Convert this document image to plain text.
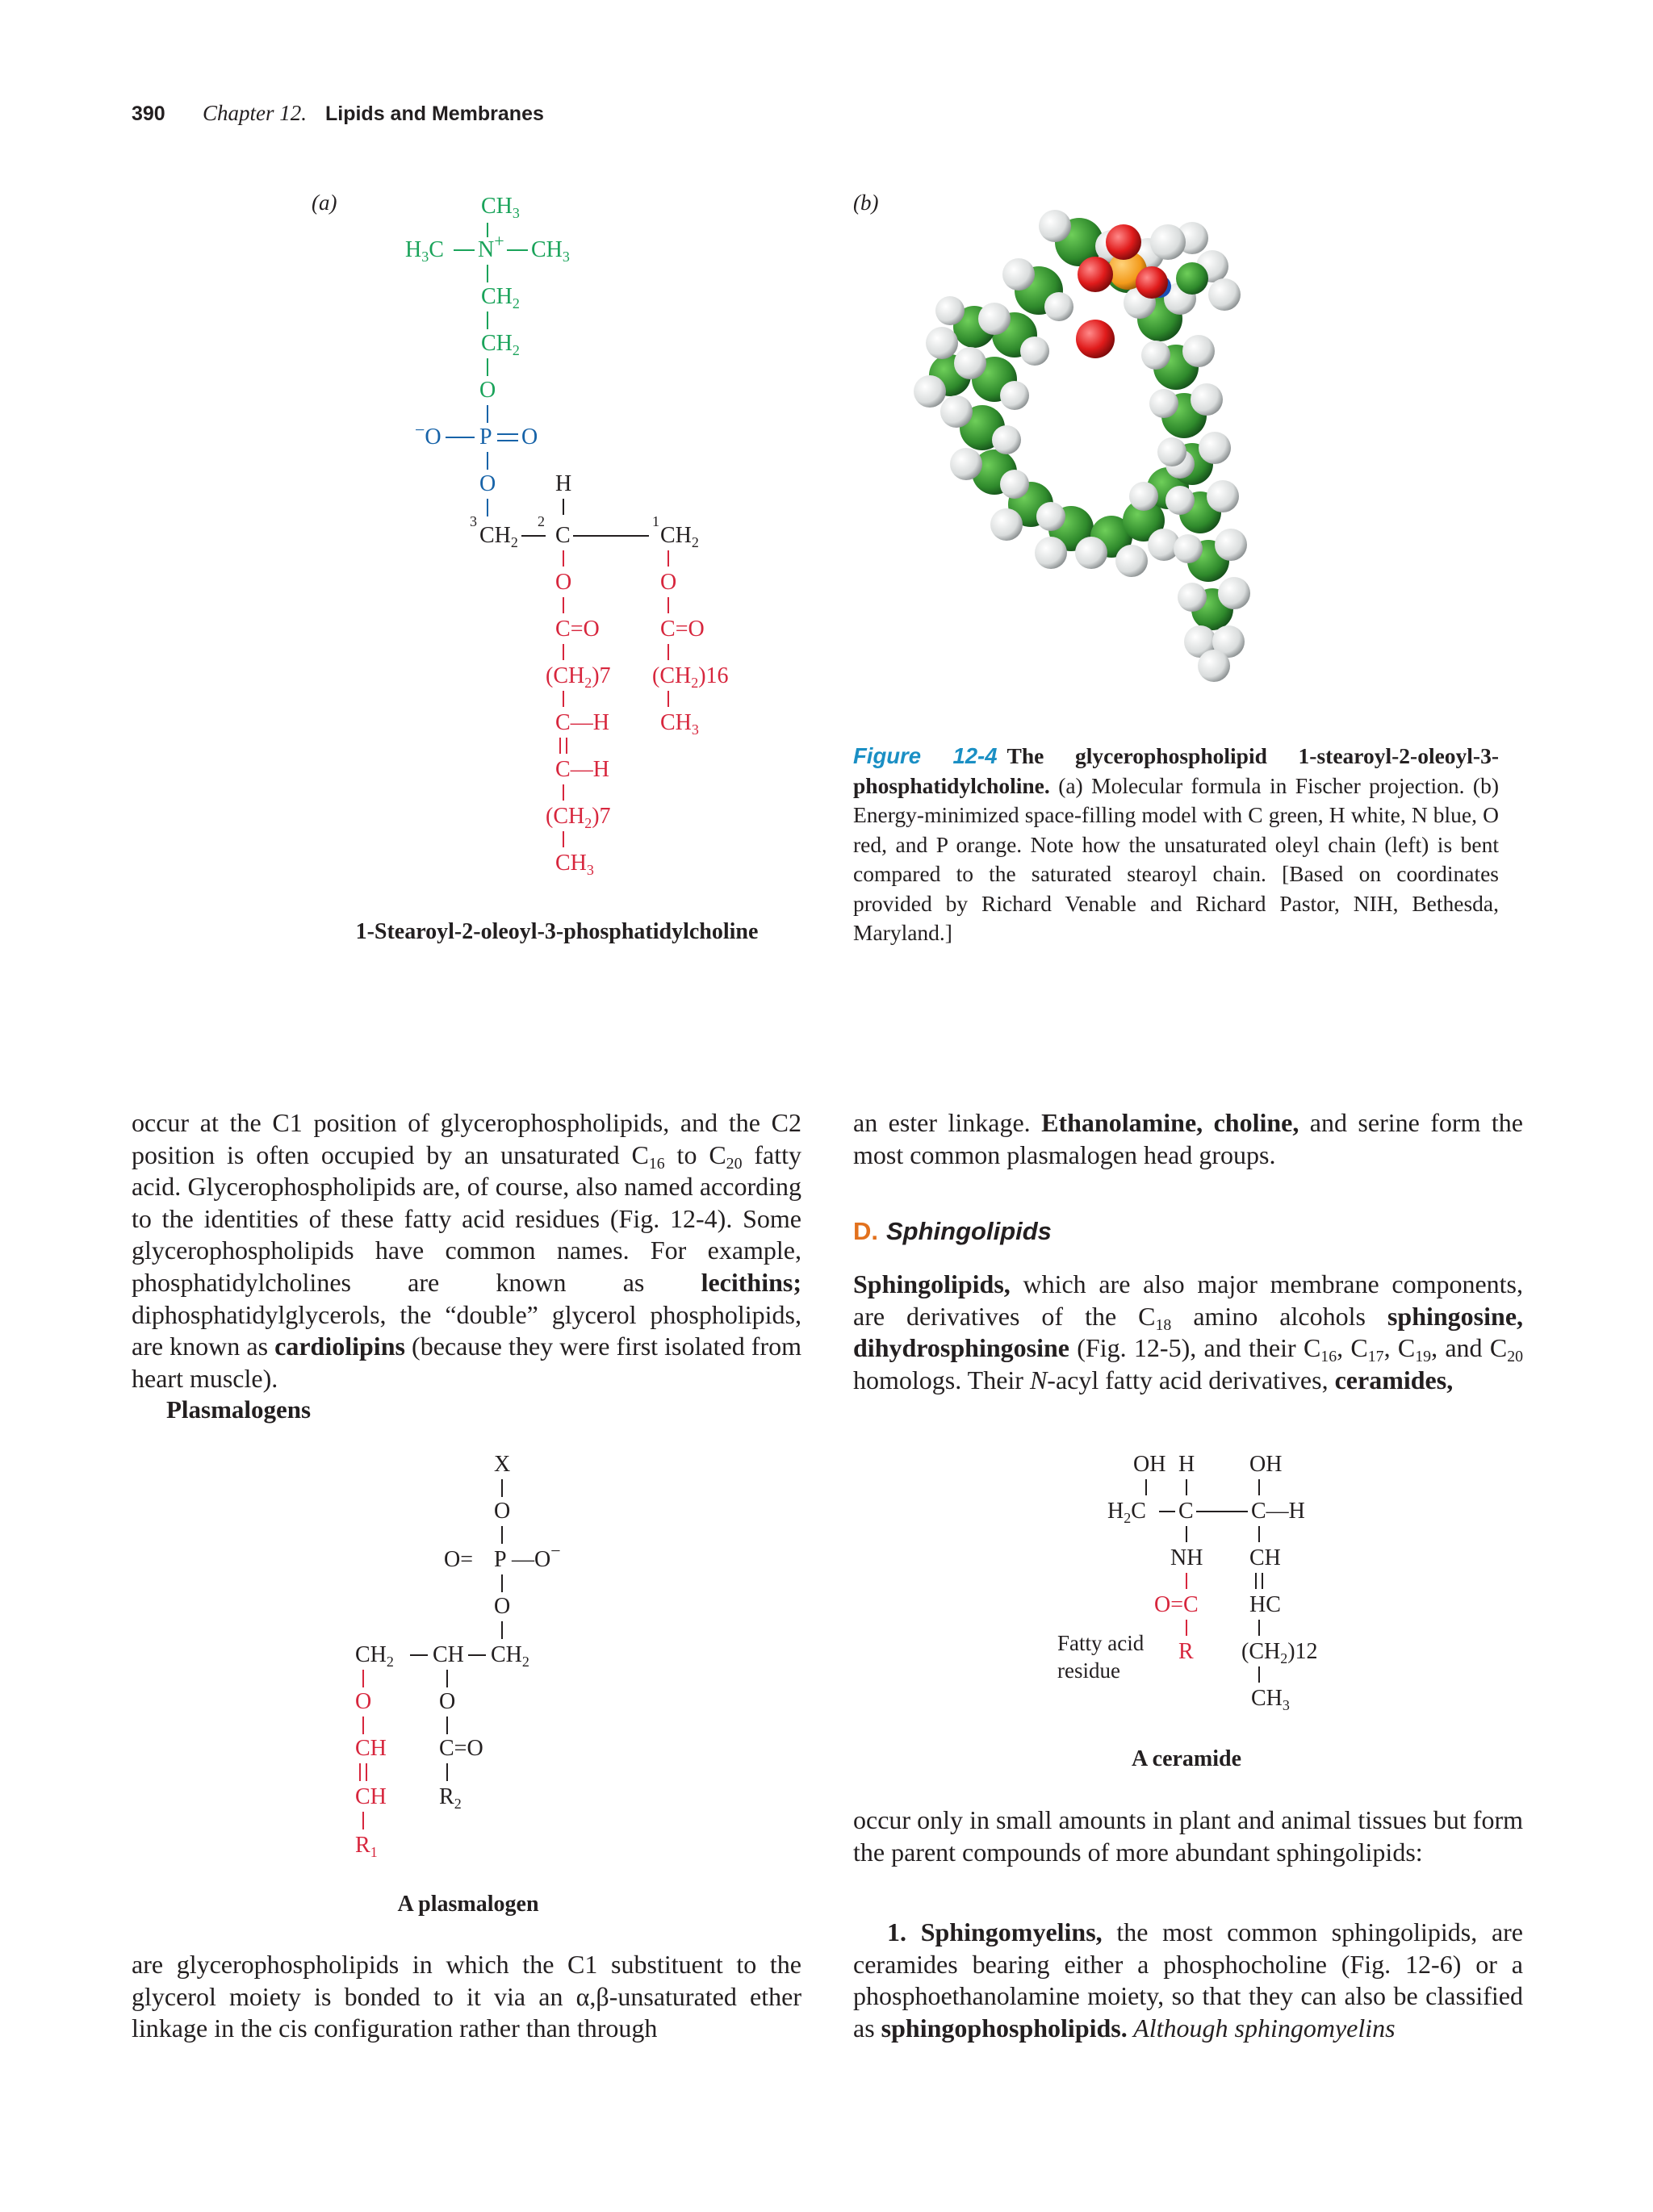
390 Chapter 12. Lipids and Membranes
(a)	(b)
$CH_3$
$H_3C$ N+ $CH_3$
$CH_2$
$CH_2$
O
−O P O
O	H
3
$CH_2$
2
C
1
$CH_2$
O	O
C=O	C=O
$(CH_2)7$ $(CH_2)16$
C—H $CH_3$
C—H
$(CH_2)7$
$CH_3$
1-Stearoyl-2-oleoyl-3-phosphatidylcholine
Figure 12-4 The glycerophospholipid 1-stearoyl-2-oleoyl-3-phosphatidylcholine. (a) Molecular formula in Fischer projection. (b) Energy-minimized space-filling model with C green, H white, N blue, O red, and P orange. Note how the unsaturated oleyl chain (left) is bent compared to the saturated stearoyl chain. [Based on coordinates provided by Richard Venable and Richard Pastor, NIH, Bethesda, Maryland.]

occur at the C1 position of glycerophospholipids, and the C2 position is often occupied by an unsaturated $C_{16}$ to $C_{20}$ fatty acid. Glycerophospholipids are, of course, also named according to the identities of these fatty acid residues (Fig. 12-4). Some glycerophospholipids have common names. For example, phosphatidylcholines are known as lecithins; diphosphatidylglycerols, the “double” glycerol phospholipids, are known as cardiolipins (because they were first isolated from heart muscle).

Plasmalogens
X
O
O= P —O−
O
$CH_2$ CH $CH_2$
O
C=O
$R_2$
O
CH
CH
$R_1$
A plasmalogen

are glycerophospholipids in which the C1 substituent to the glycerol moiety is bonded to it via an α,β-unsaturated ether linkage in the cis configuration rather than through

an ester linkage. Ethanolamine, choline, and serine form the most common plasmalogen head groups.

D. Sphingolipids

Sphingolipids, which are also major membrane components, are derivatives of the $C_{18}$ amino alcohols sphingosine, dihydrosphingosine (Fig. 12-5), and their $C_{16}$, $C_{17}$, $C_{19}$, and $C_{20}$ homologs. Their N-acyl fatty acid derivatives, ceramides,

OH H OH
$H_2C$ C	C—H
NH CH
HC
$(CH_2)12$
$CH_3$
Fatty acid
residue
O=C
R
A ceramide

occur only in small amounts in plant and animal tissues but form the parent compounds of more abundant sphingolipids:

1. Sphingomyelins, the most common sphingolipids, are ceramides bearing either a phosphocholine (Fig. 12-6) or a phosphoethanolamine moiety, so that they can also be classified as sphingophospholipids. Although sphingomyelins
